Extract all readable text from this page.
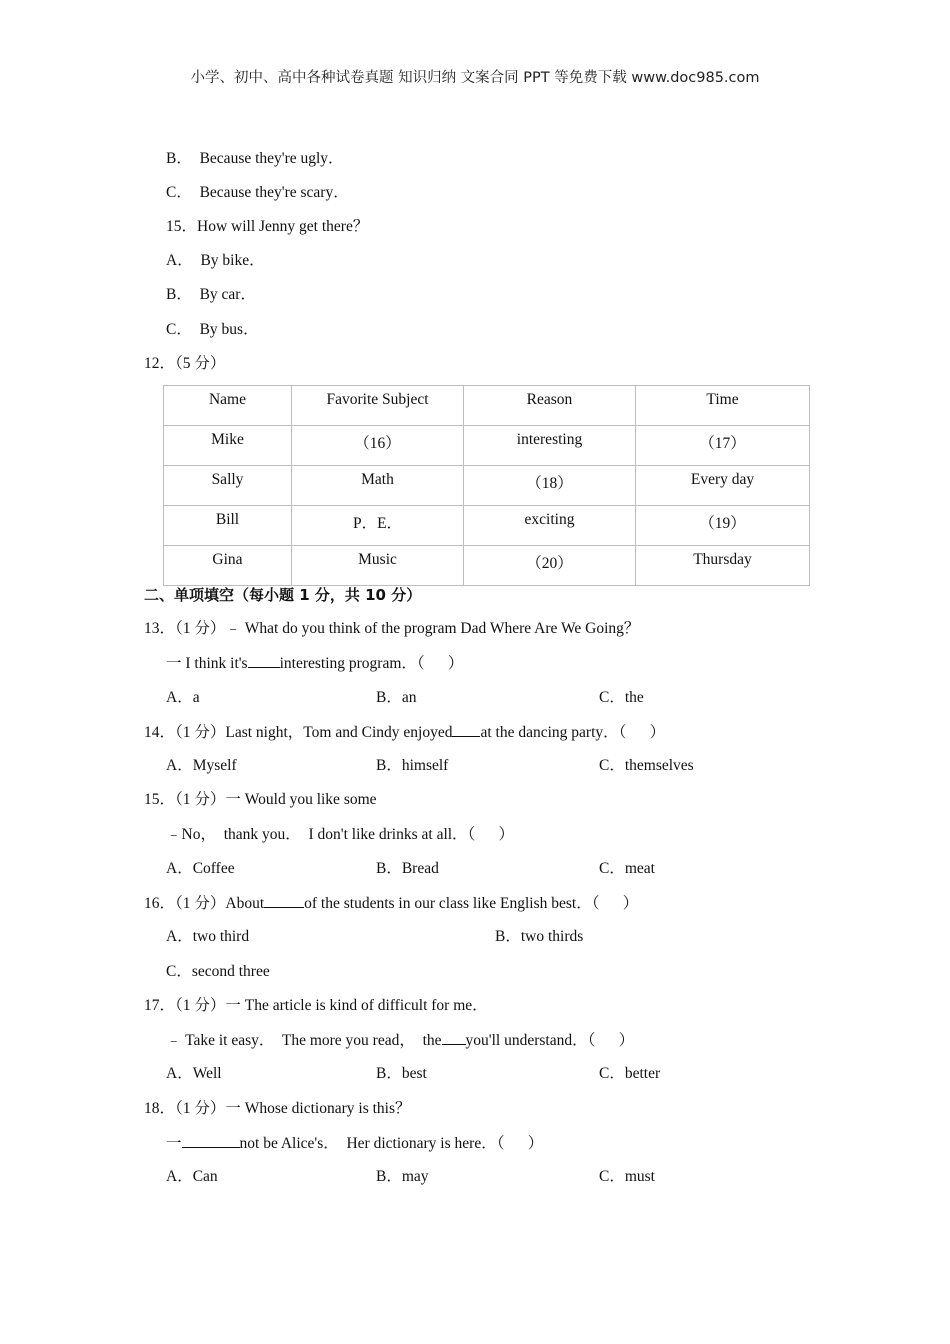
小学、初中、高中各种试卷真题 知识归纳 文案合同 PPT 等免费下载 www.doc985.com
B．  Because they're ugly．
C．  Because they're scary．
15．How will Jenny get there？
A．  By bike．
B．  By car．
C．  By bus．
12．（5 分）
Name	Favorite Subject	Reason	Time
Mike	（16）	interesting	（17）
Sally	Math	（18）	Every day
Bill	P．E．	exciting	（19）
Gina	Music	（20）	Thursday
二、单项填空（每小题 1 分，共 10 分）
13．（1 分）﹣ What do you think of the program Dad Where Are We Going？
一 I think it's interesting program．（      ）
A．a	B．an	C．the
14．（1 分）Last night，Tom and Cindy enjoyed at the dancing party．（      ）
A．Myself	B．himself	C．themselves
15．（1 分）一 Would you like some
﹣No，  thank you．  I don't like drinks at all．（      ）
A．Coffee	B．Bread	C．meat
16．（1 分）About	of the students in our class like English best．（      ）
A．two third	B．two thirds
C．second three
17．（1 分）一 The article is kind of difficult for me．
﹣ Take it easy．  The more you read，  the you'll understand．（      ）
A．Well	B．best	C．better
18．（1 分）一 Whose dictionary is this？
一	not be Alice's．  Her dictionary is here．（      ）
A．Can	B．may	C．must
